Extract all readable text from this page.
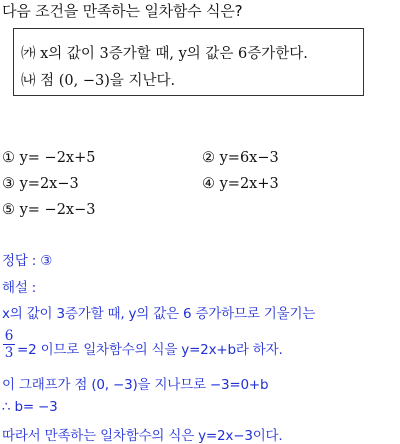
다음 조건을 만족하는 일차함수 식은?
㈎ x의 값이 3증가할 때, y의 값은 6증가한다.
㈏ 점 (0, −3)을 지난다.
① y= −2x+5	② y=6x−3
③ y=2x−3	④ y=2x+3
⑤ y= −2x−3
정답 : ③
해설 :
x의 값이 3증가할 때, y의 값은 6 증가하므로 기울기는
6
3 =2 이므로 일차함수의 식을 y=2x+b라 하자.
이 그래프가 점 (0, −3)을 지나므로 −3=0+b
∴ b= −3
따라서 만족하는 일차함수의 식은 y=2x−3이다.
